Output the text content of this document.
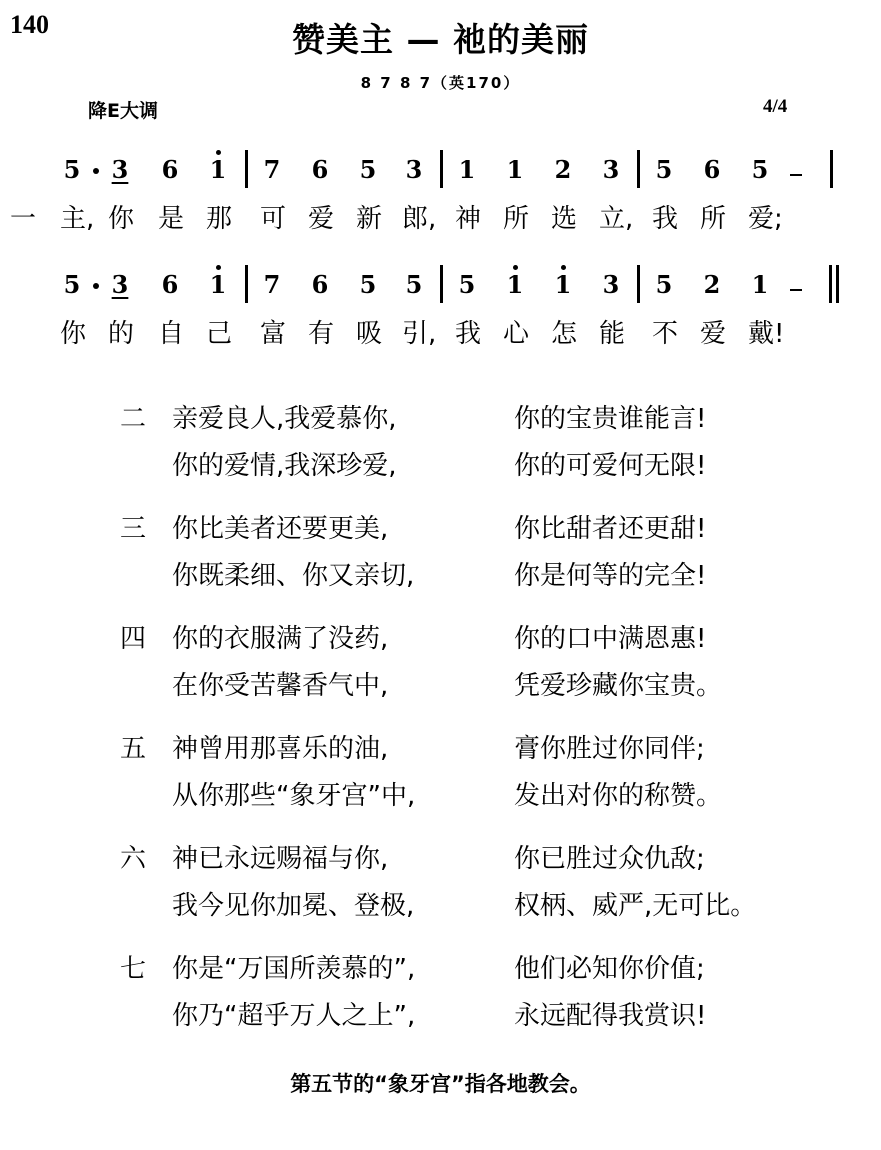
140	赞美主 — 祂的美丽
8 7 8 7（英170）
降E大调	4/4
5 3 6 1 7 6 5 3 1 1 2 3 5 6 5
一 主, 你 是 那 可 爱 新 郎, 神 所 选 立, 我 所 爱;
5 3 6 1 7 6 5 5 5 1 1 3 5 2 1
你 的 自 己 富 有 吸 引, 我 心 怎 能 不 爱 戴!
二 亲爱良人,我爱慕你,	你的宝贵谁能言!
你的爱情,我深珍爱,	你的可爱何无限!
三 你比美者还要更美,	你比甜者还更甜!
你既柔细、你又亲切,	你是何等的完全!
四 你的衣服满了没药,	你的口中满恩惠!
在你受苦馨香气中,	凭爱珍藏你宝贵。
五 神曾用那喜乐的油,	膏你胜过你同伴;
从你那些“象牙宫”中,	发出对你的称赞。
六 神已永远赐福与你,	你已胜过众仇敌;
我今见你加冕、登极,	权柄、威严,无可比。
七 你是“万国所羡慕的”,	他们必知你价值;
你乃“超乎万人之上”,	永远配得我赏识!
第五节的“象牙宫”指各地教会。
